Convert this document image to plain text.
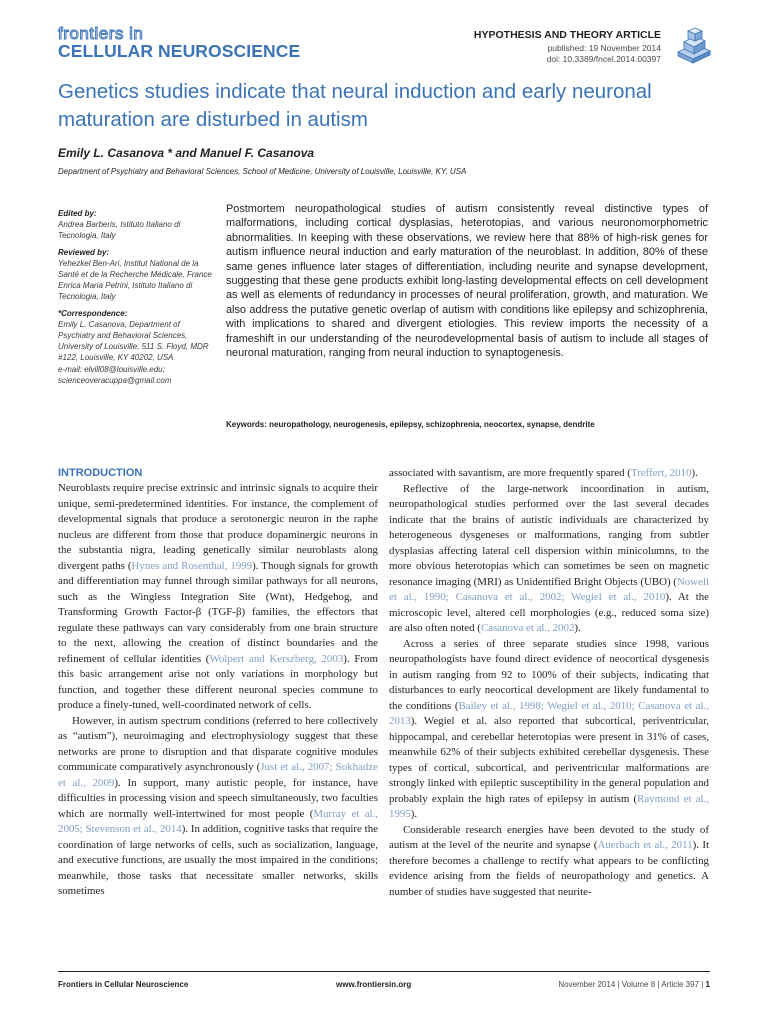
frontiers in
CELLULAR NEUROSCIENCE
HYPOTHESIS AND THEORY ARTICLE
published: 19 November 2014
doi: 10.3389/fncel.2014.00397
Genetics studies indicate that neural induction and early neuronal maturation are disturbed in autism
Emily L. Casanova * and Manuel F. Casanova
Department of Psychiatry and Behavioral Sciences, School of Medicine, University of Louisville, Louisville, KY, USA
Edited by:
Andrea Barberis, Istituto Italiano di Tecnologia, Italy
Reviewed by:
Yehezkel Ben-Ari, Institut National de la Santé et de la Recherche Médicale, France
Enrica Maria Petrini, Istituto Italiano di Tecnologia, Italy
*Correspondence:
Emily L. Casanova, Department of Psychiatry and Behavioral Sciences, University of Louisville, 511 S. Floyd, MDR #122, Louisville, KY 40202, USA
e-mail: elvill08@louisville.edu; scienceoveracuppa@gmail.com
Postmortem neuropathological studies of autism consistently reveal distinctive types of malformations, including cortical dysplasias, heterotopias, and various neuronomorphometric abnormalities. In keeping with these observations, we review here that 88% of high-risk genes for autism influence neural induction and early maturation of the neuroblast. In addition, 80% of these same genes influence later stages of differentiation, including neurite and synapse development, suggesting that these gene products exhibit long-lasting developmental effects on cell development as well as elements of redundancy in processes of neural proliferation, growth, and maturation. We also address the putative genetic overlap of autism with conditions like epilepsy and schizophrenia, with implications to shared and divergent etiologies. This review imports the necessity of a frameshift in our understanding of the neurodevelopmental basis of autism to include all stages of neuronal maturation, ranging from neural induction to synaptogenesis.
Keywords: neuropathology, neurogenesis, epilepsy, schizophrenia, neocortex, synapse, dendrite
INTRODUCTION

Neuroblasts require precise extrinsic and intrinsic signals to acquire their unique, semi-predetermined identities. For instance, the complement of developmental signals that produce a serotonergic neuron in the raphe nucleus are different from those that produce dopaminergic neurons in the substantia nigra, leading genetically similar neuroblasts along divergent paths (Hynes and Rosenthal, 1999). Though signals for growth and differentiation may funnel through similar pathways for all neurons, such as the Wingless Integration Site (Wnt), Hedgehog, and Transforming Growth Factor-β (TGF-β) families, the effectors that regulate these pathways can vary considerably from one brain structure to the next, allowing the creation of distinct boundaries and the refinement of cellular identities (Wolpert and Kerszberg, 2003). From this basic arrangement arise not only variations in morphology but function, and together these different neuronal species commune to produce a finely-tuned, well-coordinated network of cells.

However, in autism spectrum conditions (referred to here collectively as “autism”), neuroimaging and electrophysiology suggest that these networks are prone to disruption and that disparate cognitive modules communicate comparatively asynchronously (Just et al., 2007; Sokhadze et al., 2009). In support, many autistic people, for instance, have difficulties in processing vision and speech simultaneously, two faculties which are normally well-intertwined for most people (Murray et al., 2005; Stevenson et al., 2014). In addition, cognitive tasks that require the coordination of large networks of cells, such as socialization, language, and executive functions, are usually the most impaired in the conditions; meanwhile, those tasks that necessitate smaller networks, skills sometimes

associated with savantism, are more frequently spared (Treffert, 2010).

Reflective of the large-network incoordination in autism, neuropathological studies performed over the last several decades indicate that the brains of autistic individuals are characterized by heterogeneous dysgeneses or malformations, ranging from subtler dysplasias affecting lateral cell dispersion within minicolumns, to the more obvious heterotopias which can sometimes be seen on magnetic resonance imaging (MRI) as Unidentified Bright Objects (UBO) (Nowell et al., 1990; Casanova et al., 2002; Wegiel et al., 2010). At the microscopic level, altered cell morphologies (e.g., reduced soma size) are also often noted (Casanova et al., 2002).

Across a series of three separate studies since 1998, various neuropathologists have found direct evidence of neocortical dysgenesis in autism ranging from 92 to 100% of their subjects, indicating that disturbances to early neocortical development are likely fundamental to the conditions (Bailey et al., 1998; Wegiel et al., 2010; Casanova et al., 2013). Wegiel et al. also reported that subcortical, periventricular, hippocampal, and cerebellar heterotopias were present in 31% of cases, meanwhile 62% of their subjects exhibited cerebellar dysgenesis. These types of cortical, subcortical, and periventricular malformations are strongly linked with epileptic susceptibility in the general population and probably explain the high rates of epilepsy in autism (Raymond et al., 1995).

Considerable research energies have been devoted to the study of autism at the level of the neurite and synapse (Auerbach et al., 2011). It therefore becomes a challenge to rectify what appears to be conflicting evidence arising from the fields of neuropathology and genetics. A number of studies have suggested that neurite-

Frontiers in Cellular Neuroscience	www.frontiersin.org	November 2014 | Volume 8 | Article 397 | 1
